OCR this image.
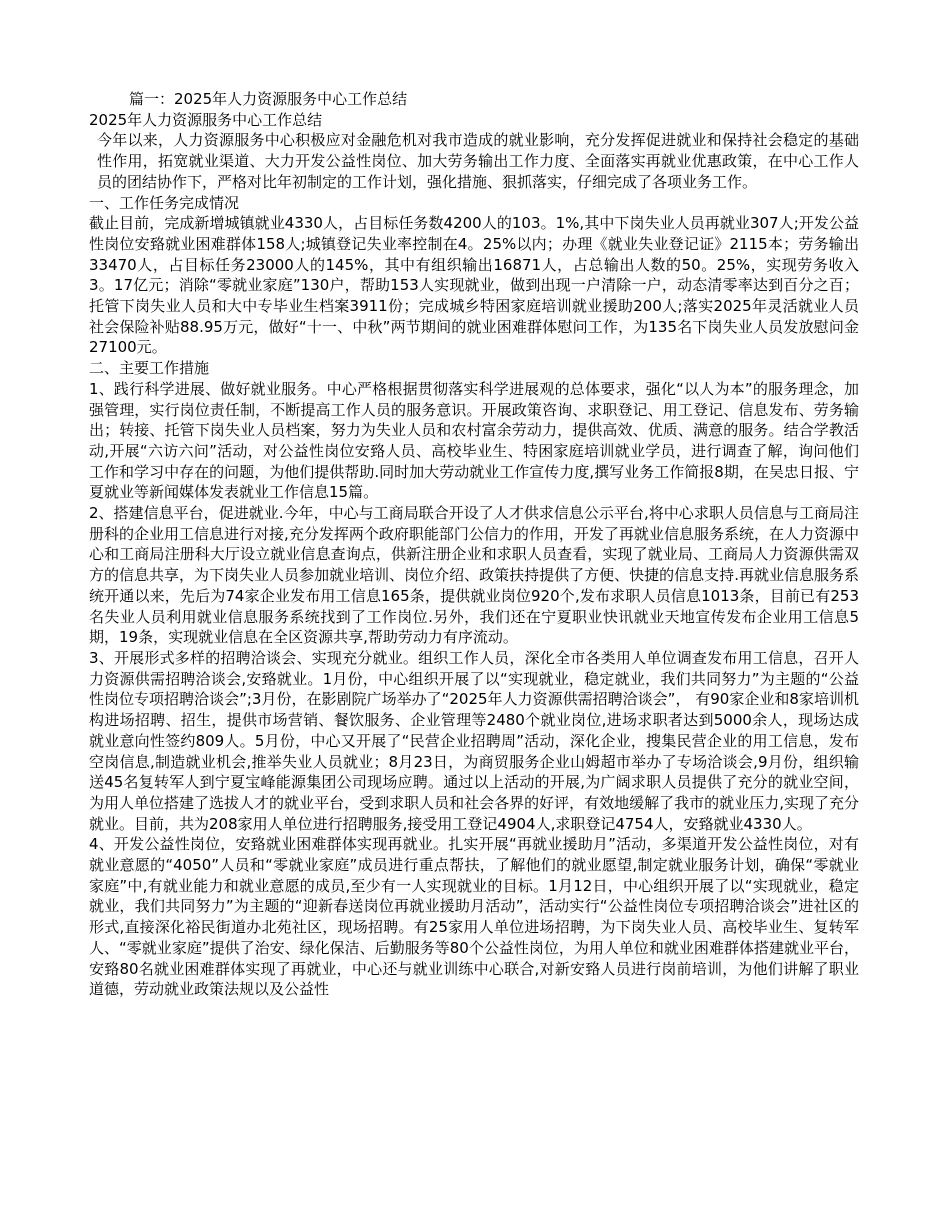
篇一：2025年人力资源服务中心工作总结

2025年人力资源服务中心工作总结

今年以来，人力资源服务中心积极应对金融危机对我市造成的就业影响，充分发挥促进就业和保持社会稳定的基础性作用，拓宽就业渠道、大力开发公益性岗位、加大劳务输出工作力度、全面落实再就业优惠政策，在中心工作人员的团结协作下，严格对比年初制定的工作计划，强化措施、狠抓落实，仔细完成了各项业务工作。

一、工作任务完成情况

截止目前，完成新增城镇就业4330人，占目标任务数4200人的103。1%,其中下岗失业人员再就业307人;开发公益性岗位安臵就业困难群体158人;城镇登记失业率控制在4。25%以内；办理《就业失业登记证》2115本；劳务输出33470人，占目标任务23000人的145%，其中有组织输出16871人，占总输出人数的50。25%，实现劳务收入3。17亿元；消除“零就业家庭”130户，帮助153人实现就业，做到出现一户清除一户，动态清零率达到百分之百；托管下岗失业人员和大中专毕业生档案3911份；完成城乡特困家庭培训就业援助200人;落实2025年灵活就业人员社会保险补贴88.95万元，做好“十一、中秋”两节期间的就业困难群体慰问工作，为135名下岗失业人员发放慰问金27100元。

二、主要工作措施

1、践行科学进展、做好就业服务。中心严格根据贯彻落实科学进展观的总体要求，强化“以人为本”的服务理念，加强管理，实行岗位责任制，不断提高工作人员的服务意识。开展政策咨询、求职登记、用工登记、信息发布、劳务输出；转接、托管下岗失业人员档案，努力为失业人员和农村富余劳动力，提供高效、优质、满意的服务。结合学教活动,开展“六访六问”活动，对公益性岗位安臵人员、高校毕业生、特困家庭培训就业学员，进行调查了解，询问他们工作和学习中存在的问题，为他们提供帮助.同时加大劳动就业工作宣传力度,撰写业务工作简报8期，在吴忠日报、宁夏就业等新闻媒体发表就业工作信息15篇。

2、搭建信息平台，促进就业.今年，中心与工商局联合开设了人才供求信息公示平台,将中心求职人员信息与工商局注册科的企业用工信息进行对接,充分发挥两个政府职能部门公信力的作用，开发了再就业信息服务系统，在人力资源中心和工商局注册科大厅设立就业信息查询点，供新注册企业和求职人员查看，实现了就业局、工商局人力资源供需双方的信息共享，为下岗失业人员参加就业培训、岗位介绍、政策扶持提供了方便、快捷的信息支持.再就业信息服务系统开通以来，先后为74家企业发布用工信息165条，提供就业岗位920个,发布求职人员信息1013条，目前已有253名失业人员利用就业信息服务系统找到了工作岗位.另外，我们还在宁夏职业快讯就业天地宣传发布企业用工信息5期，19条，实现就业信息在全区资源共享,帮助劳动力有序流动。

3、开展形式多样的招聘洽谈会、实现充分就业。组织工作人员，深化全市各类用人单位调查发布用工信息，召开人力资源供需招聘洽谈会,安臵就业。1月份，中心组织开展了以“实现就业，稳定就业，我们共同努力”为主题的“公益性岗位专项招聘洽谈会”;3月份，在影剧院广场举办了“2025年人力资源供需招聘洽谈会”， 有90家企业和8家培训机构进场招聘、招生，提供市场营销、餐饮服务、企业管理等2480个就业岗位,进场求职者达到5000余人，现场达成就业意向性签约809人。5月份，中心又开展了“民营企业招聘周”活动，深化企业，搜集民营企业的用工信息，发布空岗信息,制造就业机会,推举失业人员就业；8月23日，为商贸服务企业山姆超市举办了专场洽谈会,9月份，组织输送45名复转军人到宁夏宝峰能源集团公司现场应聘。通过以上活动的开展,为广阔求职人员提供了充分的就业空间，为用人单位搭建了选拔人才的就业平台，受到求职人员和社会各界的好评，有效地缓解了我市的就业压力,实现了充分就业。目前，共为208家用人单位进行招聘服务,接受用工登记4904人,求职登记4754人，安臵就业4330人。

4、开发公益性岗位，安臵就业困难群体实现再就业。扎实开展“再就业援助月”活动，多渠道开发公益性岗位，对有就业意愿的“4050”人员和“零就业家庭”成员进行重点帮扶，了解他们的就业愿望,制定就业服务计划，确保“零就业家庭”中,有就业能力和就业意愿的成员,至少有一人实现就业的目标。1月12日，中心组织开展了以“实现就业，稳定就业，我们共同努力”为主题的“迎新春送岗位再就业援助月活动”，活动实行“公益性岗位专项招聘洽谈会”进社区的形式,直接深化裕民街道办北苑社区，现场招聘。有25家用人单位进场招聘，为下岗失业人员、高校毕业生、复转军人、“零就业家庭”提供了治安、绿化保洁、后勤服务等80个公益性岗位，为用人单位和就业困难群体搭建就业平台，安臵80名就业困难群体实现了再就业，中心还与就业训练中心联合,对新安臵人员进行岗前培训，为他们讲解了职业道德，劳动就业政策法规以及公益性
